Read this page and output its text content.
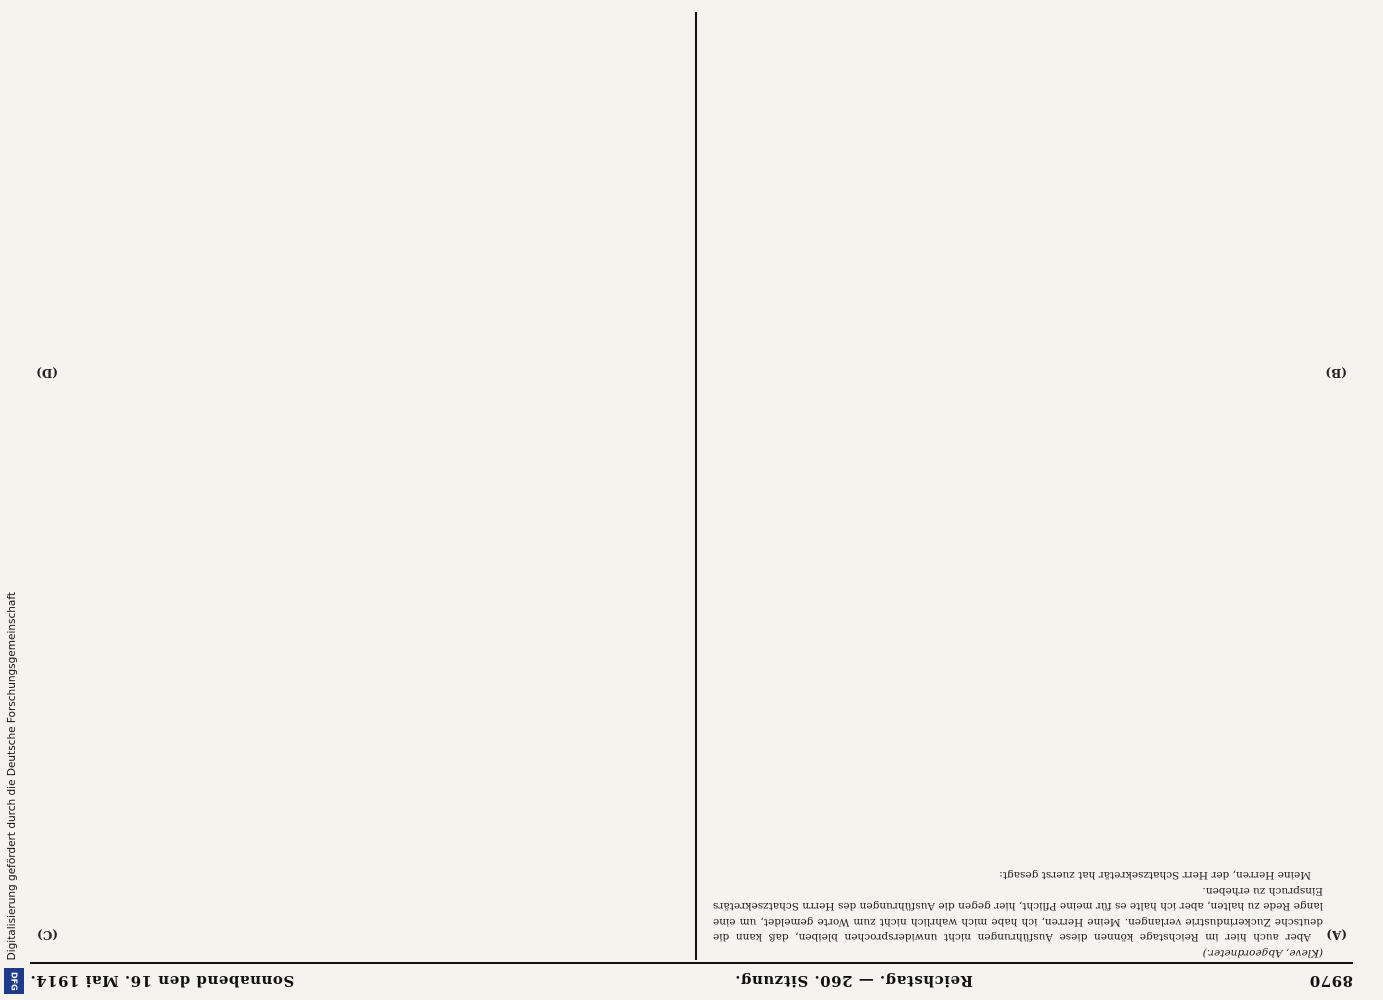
8970
Reichstag. — 260. Sitzung.
Sonnabend den 16. Mai 1914.

(Kleve, Abgeordneter.)

Aber auch hier im Reichstage können diese Ausführungen nicht unwidersprochen bleiben, daß kann die deutsche Zuckerindustrie verlangen. Meine Herren, ich habe mich wahrlich nicht zum Worte gemeldet, um eine lange Rede zu halten, aber ich halte es für meine Pflicht, hier gegen die Ausführungen des Herrn Schatzsekretärs Einspruch zu erheben.

Meine Herren, der Herr Schatzsekretär hat zuerst gesagt:

(A)
(B)
(C)
(D)
Digitalisierung gefördert durch die Deutsche Forschungsgemeinschaft
DFG
